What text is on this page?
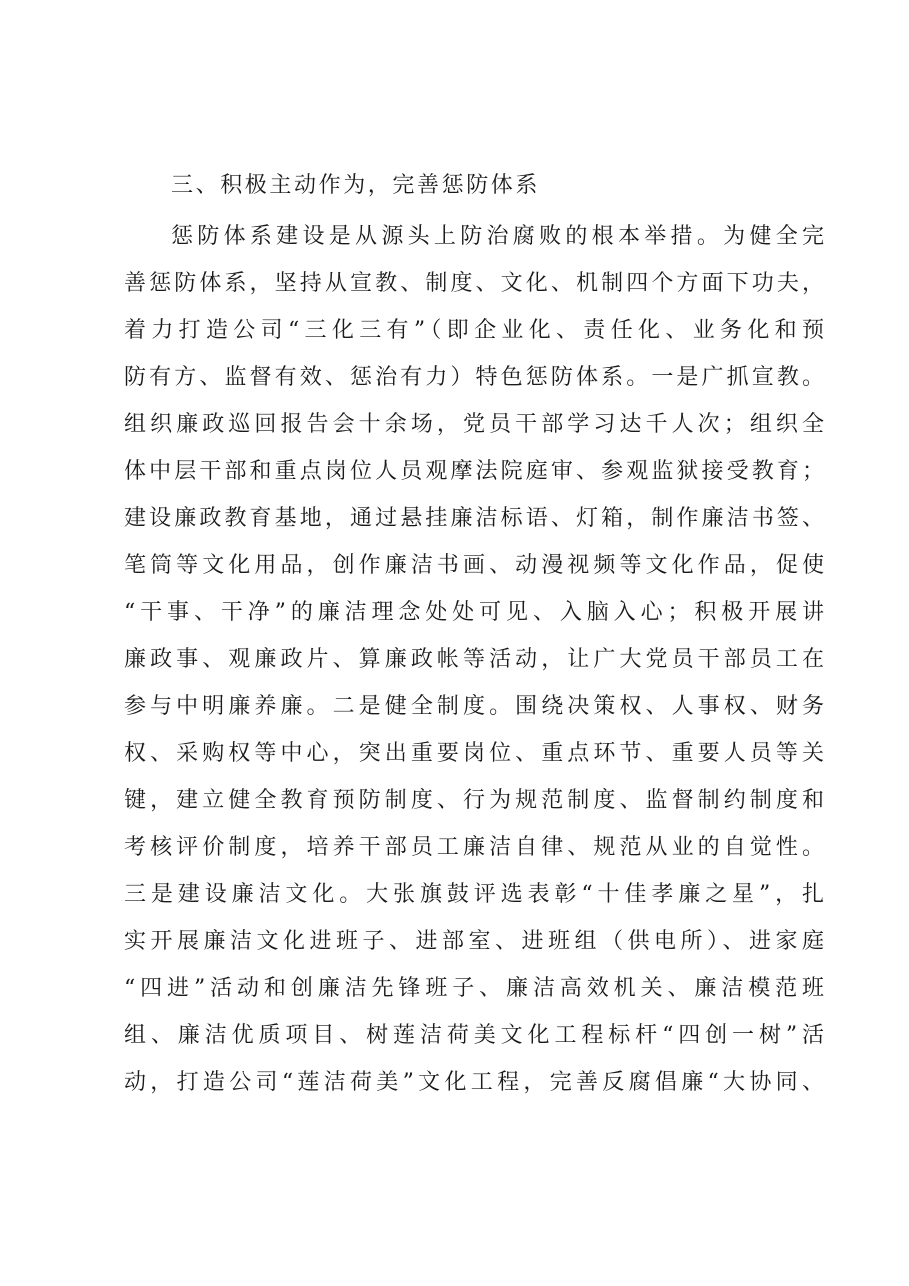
三、积极主动作为，完善惩防体系
惩防体系建设是从源头上防治腐败的根本举措。为健全完
善惩防体系，坚持从宣教、制度、文化、机制四个方面下功夫，
着力打造公司“三化三有”（即企业化、责任化、业务化和预
防有方、监督有效、惩治有力）特色惩防体系。一是广抓宣教。
组织廉政巡回报告会十余场，党员干部学习达千人次；组织全
体中层干部和重点岗位人员观摩法院庭审、参观监狱接受教育；
建设廉政教育基地，通过悬挂廉洁标语、灯箱，制作廉洁书签、
笔筒等文化用品，创作廉洁书画、动漫视频等文化作品，促使
“干事、干净”的廉洁理念处处可见、入脑入心；积极开展讲
廉政事、观廉政片、算廉政帐等活动，让广大党员干部员工在
参与中明廉养廉。二是健全制度。围绕决策权、人事权、财务
权、采购权等中心，突出重要岗位、重点环节、重要人员等关
键，建立健全教育预防制度、行为规范制度、监督制约制度和
考核评价制度，培养干部员工廉洁自律、规范从业的自觉性。
三是建设廉洁文化。大张旗鼓评选表彰“十佳孝廉之星”，扎
实开展廉洁文化进班子、进部室、进班组（供电所）、进家庭
“四进”活动和创廉洁先锋班子、廉洁高效机关、廉洁模范班
组、廉洁优质项目、树莲洁荷美文化工程标杆“四创一树”活
动，打造公司“莲洁荷美”文化工程，完善反腐倡廉“大协同、
